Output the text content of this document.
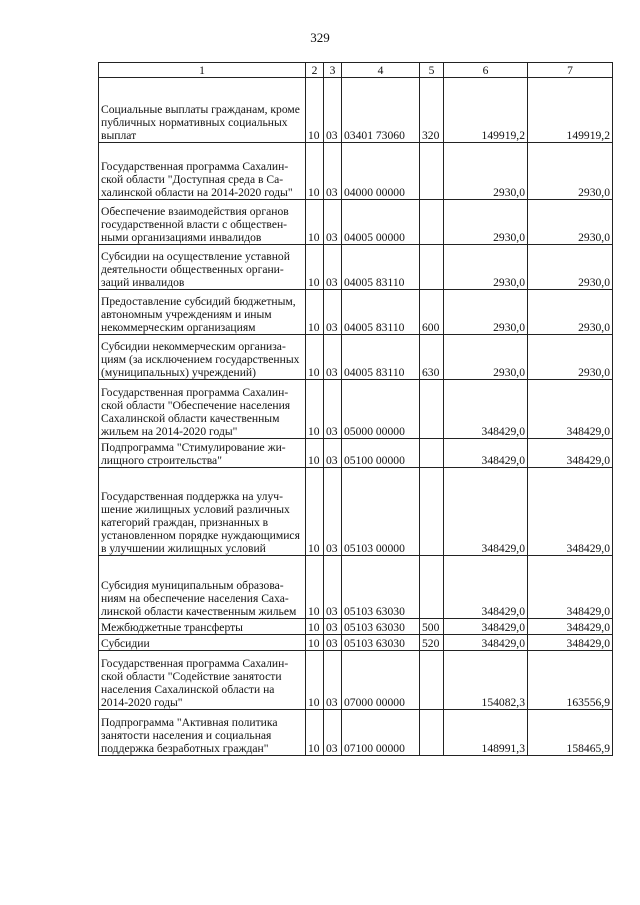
329
1	2	3	4	5	6	7
Социальные выплаты гражданам, кроме публичных нормативных социальных выплат	10	03	03401 73060	320	149919,2	149919,2
Государственная программа Сахалинской области "Доступная среда в Сахалинской области на 2014-2020 годы"	10	03	04000 00000		2930,0	2930,0
Обеспечение взаимодействия органов государственной власти с общественными организациями инвалидов	10	03	04005 00000		2930,0	2930,0
Субсидии на осуществление уставной деятельности общественных организаций инвалидов	10	03	04005 83110		2930,0	2930,0
Предоставление субсидий бюджетным, автономным учреждениям и иным некоммерческим организациям	10	03	04005 83110	600	2930,0	2930,0
Субсидии некоммерческим организациям (за исключением государственных (муниципальных) учреждений)	10	03	04005 83110	630	2930,0	2930,0
Государственная программа Сахалинской области "Обеспечение населения Сахалинской области качественным жильем на 2014-2020 годы"	10	03	05000 00000		348429,0	348429,0
Подпрограмма "Стимулирование жилищного строительства"	10	03	05100 00000		348429,0	348429,0
Государственная поддержка на улучшение жилищных условий различных категорий граждан, признанных в установленном порядке нуждающимися в улучшении жилищных условий	10	03	05103 00000		348429,0	348429,0
Субсидия муниципальным образованиям на обеспечение населения Сахалинской области качественным жильем	10	03	05103 63030		348429,0	348429,0
Межбюджетные трансферты	10	03	05103 63030	500	348429,0	348429,0
Субсидии	10	03	05103 63030	520	348429,0	348429,0
Государственная программа Сахалинской области "Содействие занятости населения Сахалинской области на 2014-2020 годы"	10	03	07000 00000		154082,3	163556,9
Подпрограмма "Активная политика занятости населения и социальная поддержка безработных граждан"	10	03	07100 00000		148991,3	158465,9
